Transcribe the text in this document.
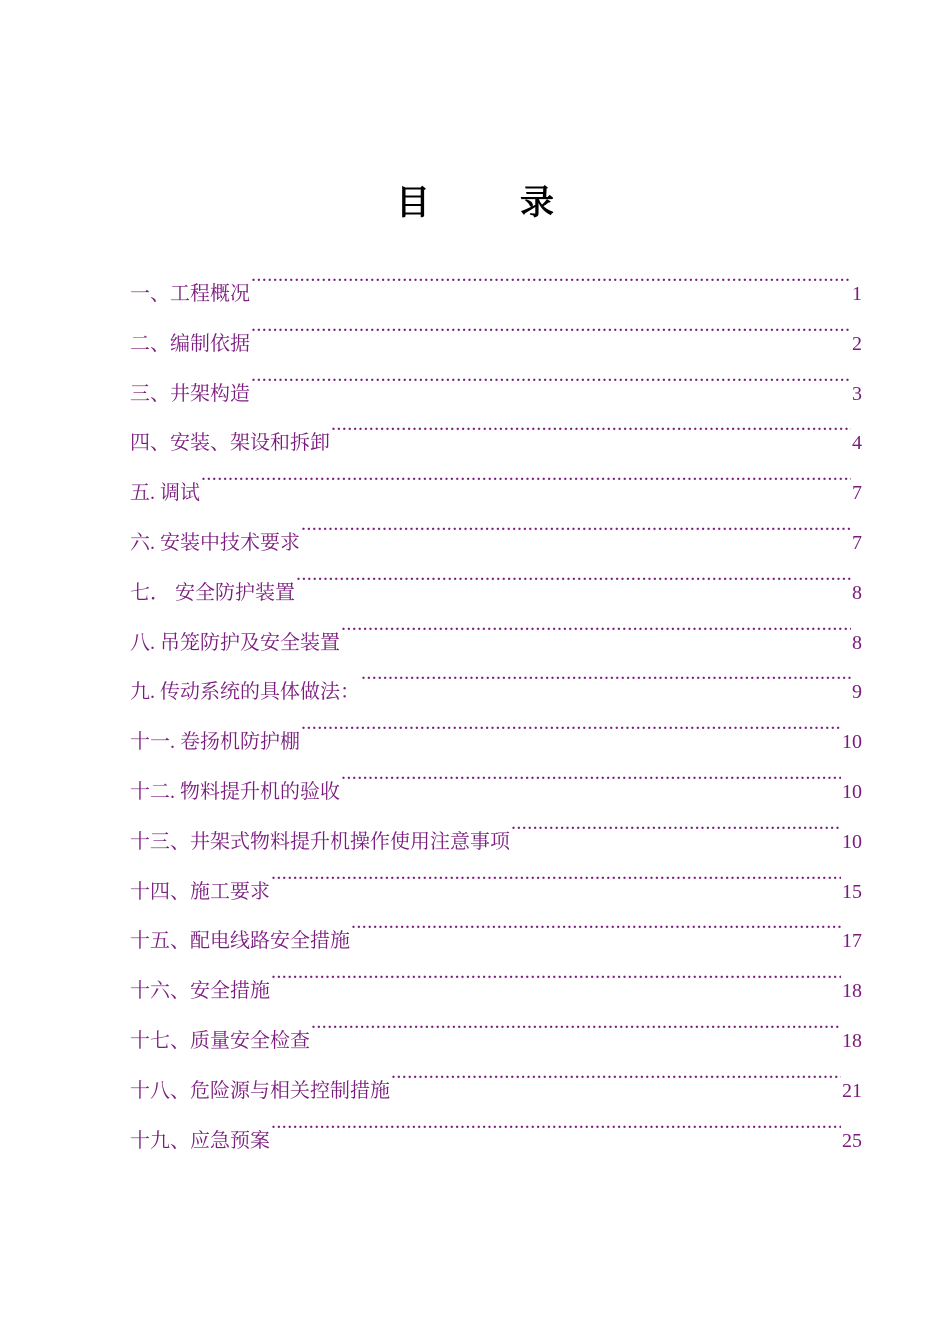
目	录
一、工程概况 .....	1
二、编制依据 .....	2
三、井架构造 .....	3
四、安装、架设和拆卸 .....	4
五. 调试 .....	7
六. 安装中技术要求 .....	7
七． 安全防护装置 .....	8
八. 吊笼防护及安全装置 .....	8
九. 传动系统的具体做法： .....	9
十一. 卷扬机防护棚 .....	10
十二. 物料提升机的验收 .....	10
十三、井架式物料提升机操作使用注意事项 .....	10
十四、施工要求 .....	15
十五、配电线路安全措施 .....	17
十六、安全措施 .....	18
十七、质量安全检查 .....	18
十八、危险源与相关控制措施 .....	21
十九、应急预案 .....	25
